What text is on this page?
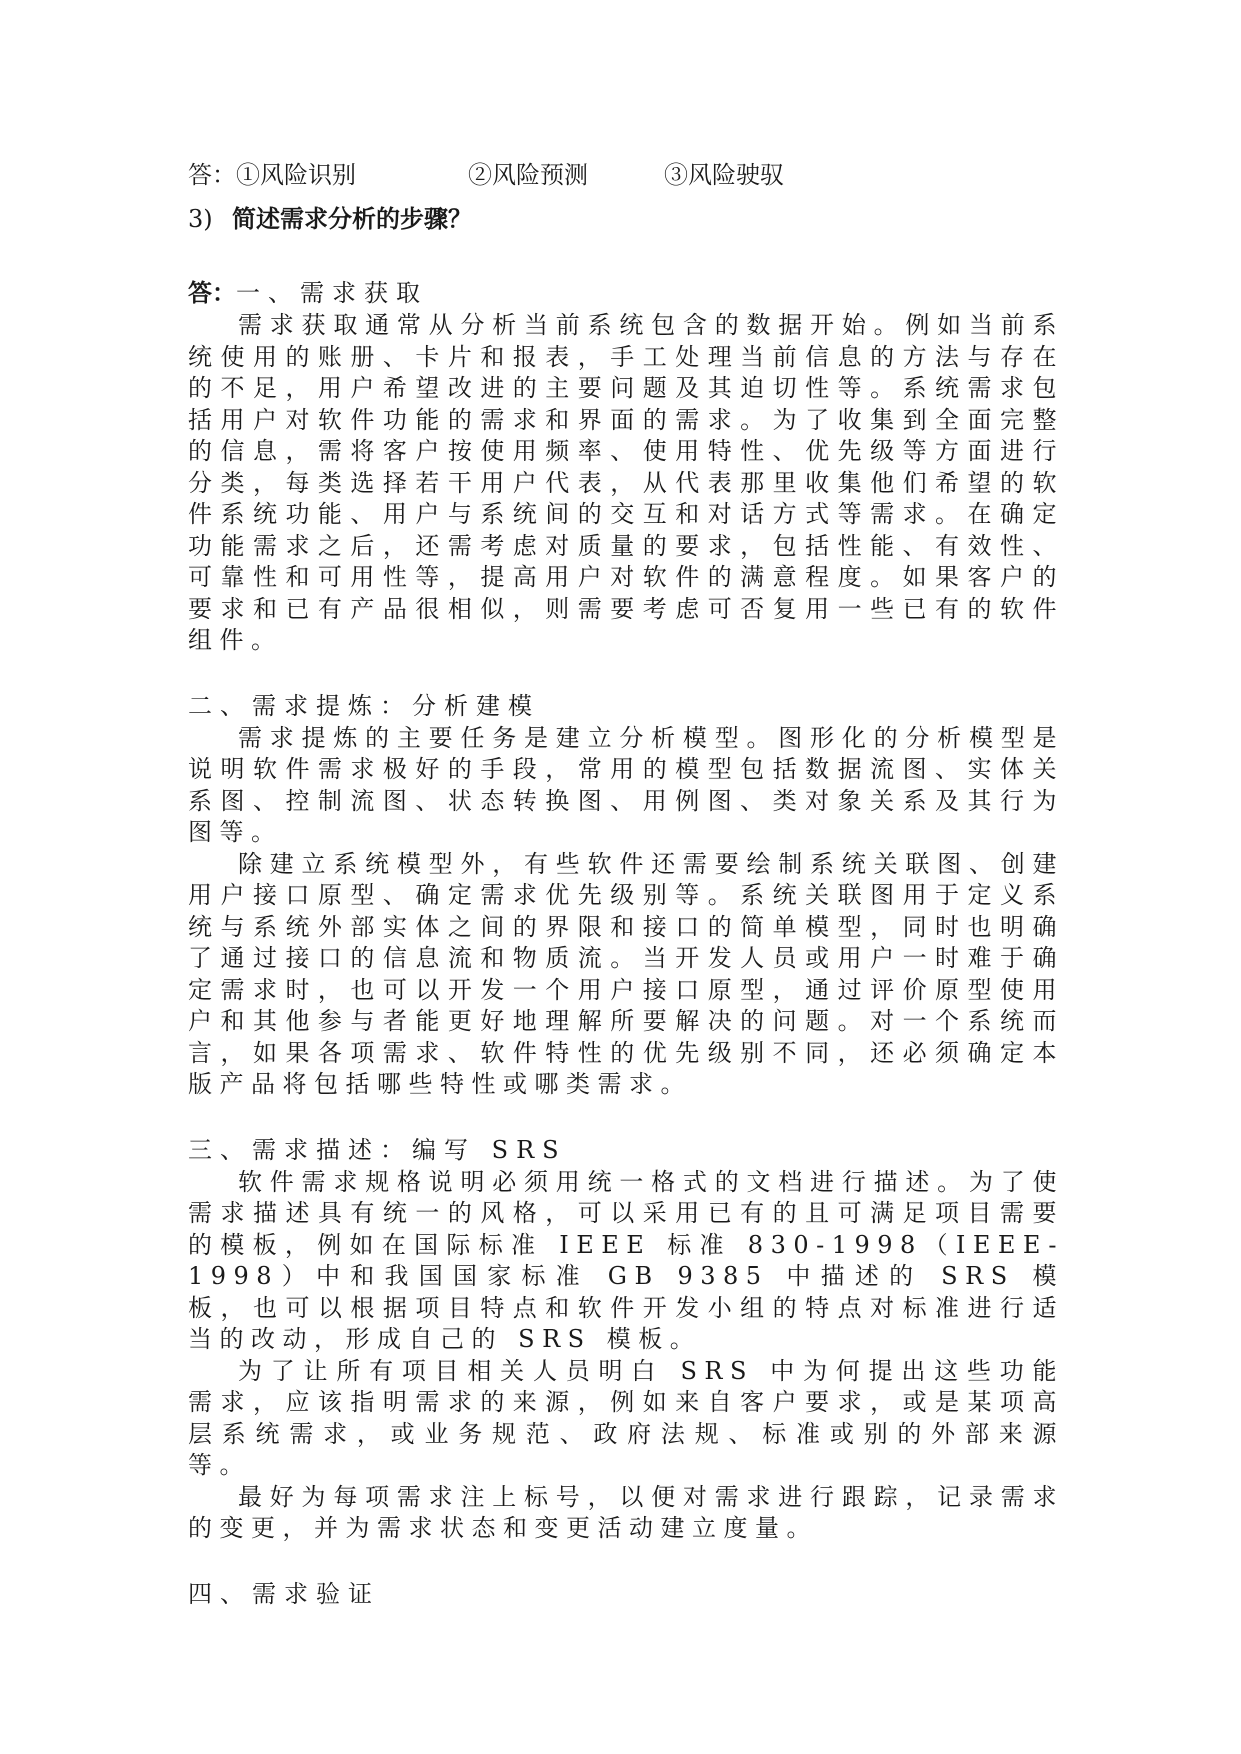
答：①风险识别	②风险预测	③风险驶驭
3) 简述需求分析的步骤？
答：一、需求获取

需求获取通常从分析当前系统包含的数据开始。例如当前系统使用的账册、卡片和报表，手工处理当前信息的方法与存在的不足，用户希望改进的主要问题及其迫切性等。系统需求包括用户对软件功能的需求和界面的需求。为了收集到全面完整的信息，需将客户按使用频率、使用特性、优先级等方面进行分类，每类选择若干用户代表，从代表那里收集他们希望的软件系统功能、用户与系统间的交互和对话方式等需求。在确定功能需求之后，还需考虑对质量的要求，包括性能、有效性、可靠性和可用性等，提高用户对软件的满意程度。如果客户的要求和已有产品很相似，则需要考虑可否复用一些已有的软件组件。

二、需求提炼：分析建模

需求提炼的主要任务是建立分析模型。图形化的分析模型是说明软件需求极好的手段，常用的模型包括数据流图、实体关系图、控制流图、状态转换图、用例图、类对象关系及其行为图等。

除建立系统模型外，有些软件还需要绘制系统关联图、创建用户接口原型、确定需求优先级别等。系统关联图用于定义系统与系统外部实体之间的界限和接口的简单模型，同时也明确了通过接口的信息流和物质流。当开发人员或用户一时难于确定需求时，也可以开发一个用户接口原型，通过评价原型使用户和其他参与者能更好地理解所要解决的问题。对一个系统而言，如果各项需求、软件特性的优先级别不同，还必须确定本版产品将包括哪些特性或哪类需求。

三、需求描述：编写 SRS

软件需求规格说明必须用统一格式的文档进行描述。为了使需求描述具有统一的风格，可以采用已有的且可满足项目需要的模板，例如在国际标准 IEEE 标准 830-1998（IEEE-1998）中和我国国家标准 GB 9385 中描述的 SRS 模板，也可以根据项目特点和软件开发小组的特点对标准进行适当的改动，形成自己的 SRS 模板。

为了让所有项目相关人员明白 SRS 中为何提出这些功能需求，应该指明需求的来源，例如来自客户要求，或是某项高层系统需求，或业务规范、政府法规、标准或别的外部来源等。

最好为每项需求注上标号，以便对需求进行跟踪，记录需求的变更，并为需求状态和变更活动建立度量。

四、需求验证
